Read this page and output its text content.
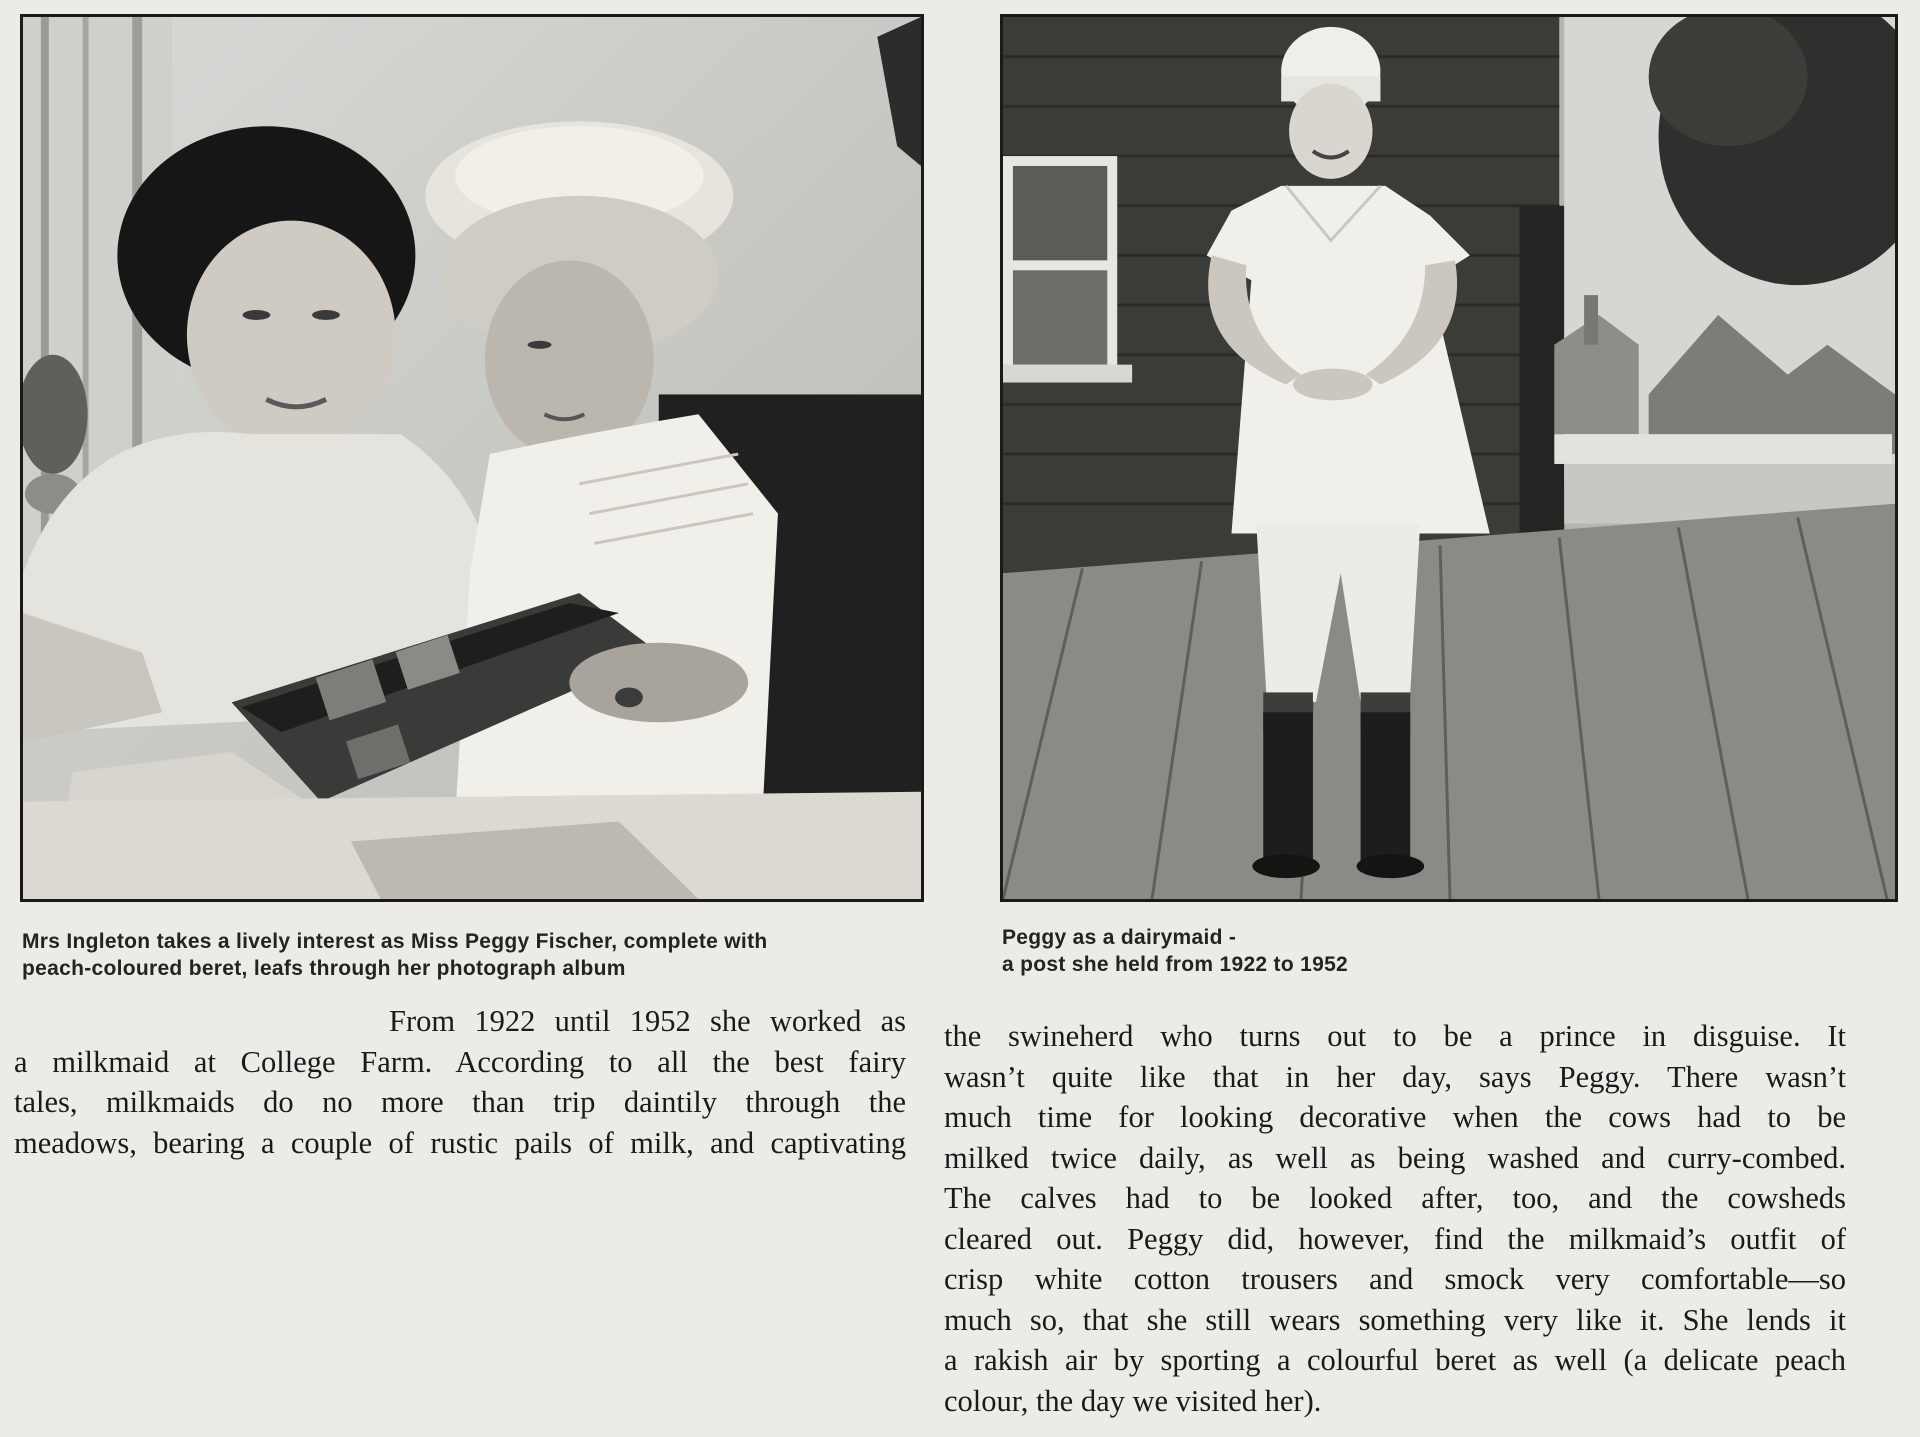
Mrs Ingleton takes a lively interest as Miss Peggy Fischer, complete with
peach-coloured beret, leafs through her photograph album
Peggy as a dairymaid -
a post she held from 1922 to 1952
From 1922 until 1952 she worked as
a milkmaid at College Farm. According to all the best fairy
tales, milkmaids do no more than trip daintily through the
meadows, bearing a couple of rustic pails of milk, and captivating
the swineherd who turns out to be a prince in disguise. It
wasn’t quite like that in her day, says Peggy. There wasn’t
much time for looking decorative when the cows had to be
milked twice daily, as well as being washed and curry-combed.
The calves had to be looked after, too, and the cowsheds
cleared out. Peggy did, however, find the milkmaid’s outfit of
crisp white cotton trousers and smock very comfortable—so
much so, that she still wears something very like it. She lends it
a rakish air by sporting a colourful beret as well (a delicate peach
colour, the day we visited her).
